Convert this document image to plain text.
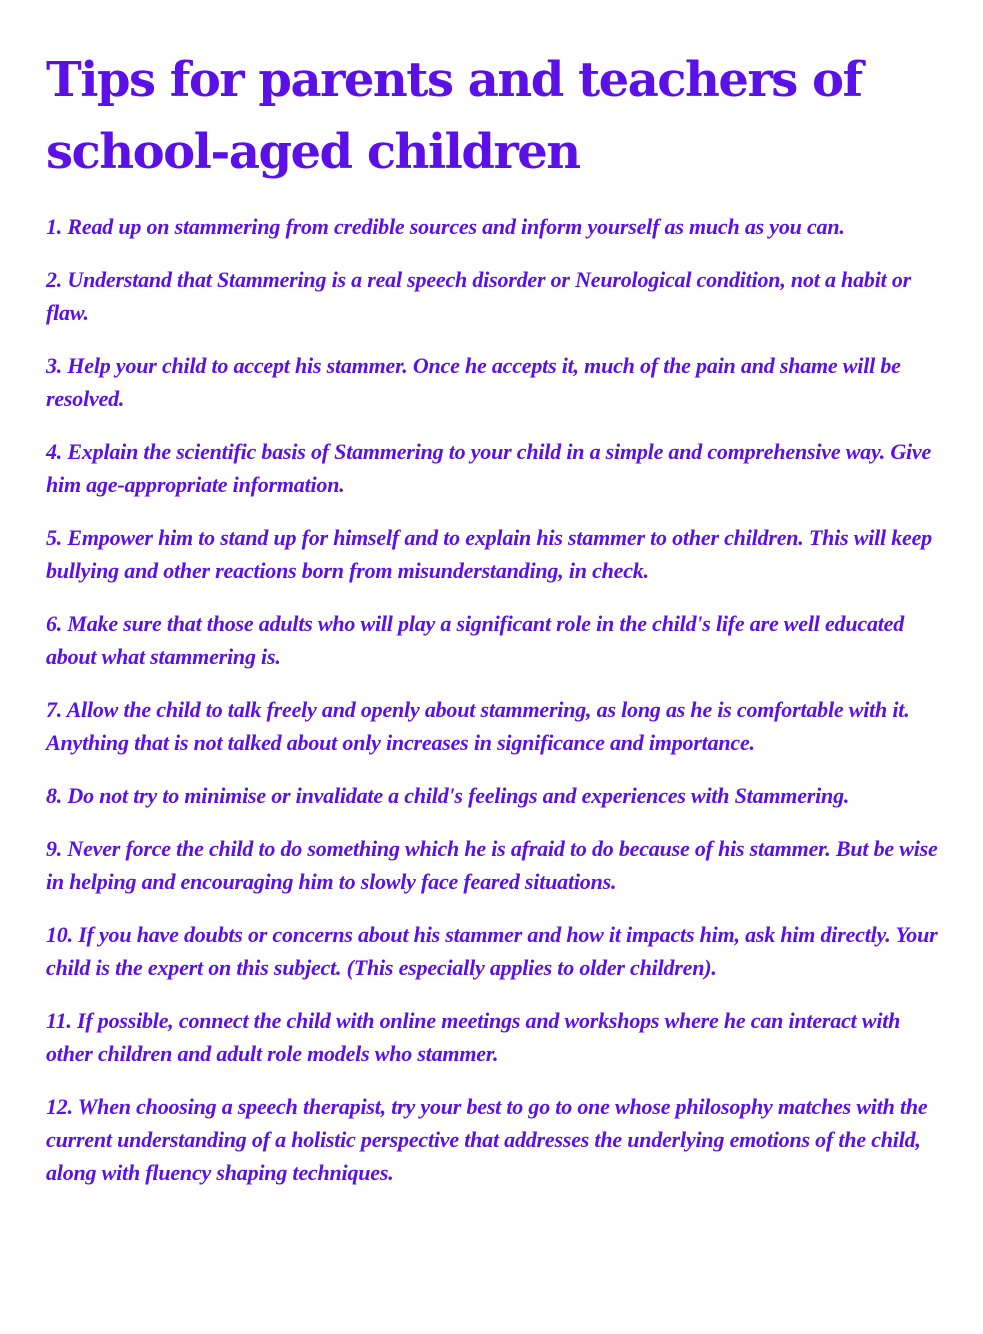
Tips for parents and teachers of
school-aged children
1. Read up on stammering from credible sources and inform yourself as much as you can.
2. Understand that Stammering is a real speech disorder or Neurological condition, not a habit or flaw.
3. Help your child to accept his stammer. Once he accepts it, much of the pain and shame will be resolved.
4. Explain the scientific basis of Stammering to your child in a simple and comprehensive way. Give him age-appropriate information.
5. Empower him to stand up for himself and to explain his stammer to other children. This will keep bullying and other reactions born from misunderstanding, in check.
6. Make sure that those adults who will play a significant role in the child's life are well educated about what stammering is.
7. Allow the child to talk freely and openly about stammering, as long as he is comfortable with it. Anything that is not talked about only increases in significance and importance.
8. Do not try to minimise or invalidate a child's feelings and experiences with Stammering.
9. Never force the child to do something which he is afraid to do because of his stammer. But be wise in helping and encouraging him to slowly face feared situations.
10. If you have doubts or concerns about his stammer and how it impacts him, ask him directly. Your child is the expert on this subject. (This especially applies to older children).
11. If possible, connect the child with online meetings and workshops where he can interact with other children and adult role models who stammer.
12. When choosing a speech therapist, try your best to go to one whose philosophy matches with the current understanding of a holistic perspective that addresses the underlying emotions of the child, along with fluency shaping techniques.
